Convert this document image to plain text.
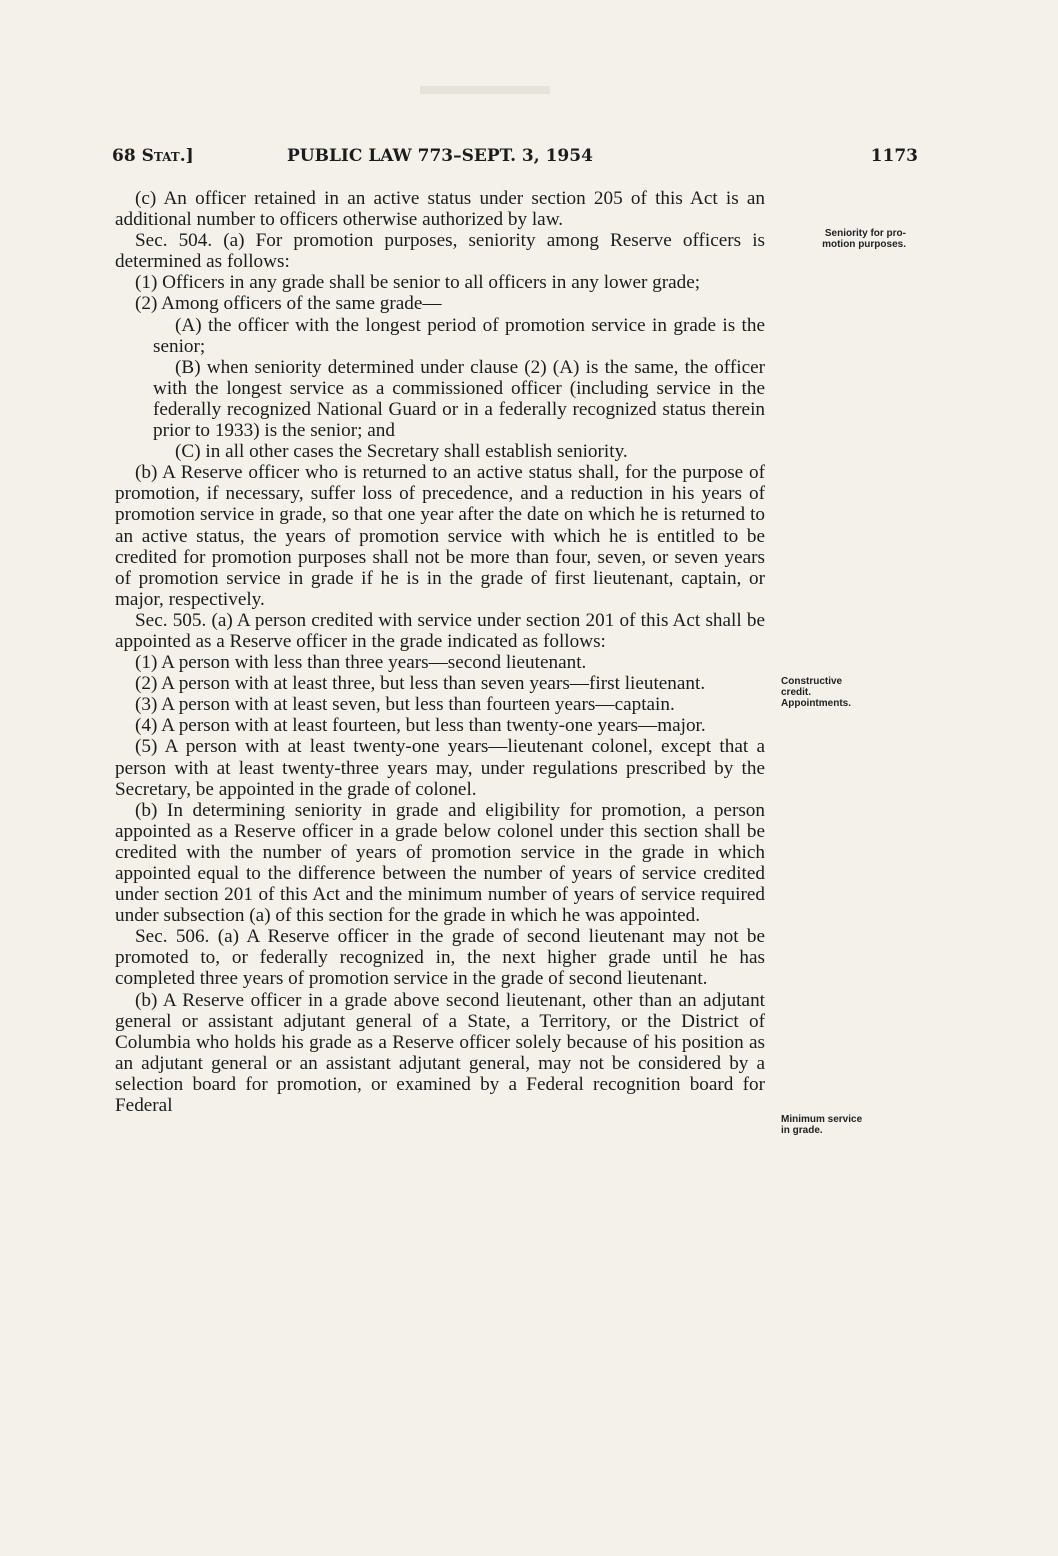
68 Stat.]	PUBLIC LAW 773–SEPT. 3, 1954	1173

(c) An officer retained in an active status under section 205 of this Act is an additional number to officers otherwise authorized by law.

Sec. 504. (a) For promotion purposes, seniority among Reserve officers is determined as follows:

(1) Officers in any grade shall be senior to all officers in any lower grade;

(2) Among officers of the same grade—

(A) the officer with the longest period of promotion service in grade is the senior;

(B) when seniority determined under clause (2) (A) is the same, the officer with the longest service as a commissioned officer (including service in the federally recognized National Guard or in a federally recognized status therein prior to 1933) is the senior; and

(C) in all other cases the Secretary shall establish seniority.

(b) A Reserve officer who is returned to an active status shall, for the purpose of promotion, if necessary, suffer loss of precedence, and a reduction in his years of promotion service in grade, so that one year after the date on which he is returned to an active status, the years of promotion service with which he is entitled to be credited for promotion purposes shall not be more than four, seven, or seven years of promotion service in grade if he is in the grade of first lieutenant, captain, or major, respectively.

Sec. 505. (a) A person credited with service under section 201 of this Act shall be appointed as a Reserve officer in the grade indicated as follows:

(1) A person with less than three years—second lieutenant.

(2) A person with at least three, but less than seven years—first lieutenant.

(3) A person with at least seven, but less than fourteen years—captain.

(4) A person with at least fourteen, but less than twenty-one years—major.

(5) A person with at least twenty-one years—lieutenant colonel, except that a person with at least twenty-three years may, under regulations prescribed by the Secretary, be appointed in the grade of colonel.

(b) In determining seniority in grade and eligibility for promotion, a person appointed as a Reserve officer in a grade below colonel under this section shall be credited with the number of years of promotion service in the grade in which appointed equal to the difference between the number of years of service credited under section 201 of this Act and the minimum number of years of service required under subsection (a) of this section for the grade in which he was appointed.

Sec. 506. (a) A Reserve officer in the grade of second lieutenant may not be promoted to, or federally recognized in, the next higher grade until he has completed three years of promotion service in the grade of second lieutenant.

(b) A Reserve officer in a grade above second lieutenant, other than an adjutant general or assistant adjutant general of a State, a Territory, or the District of Columbia who holds his grade as a Reserve officer solely because of his position as an adjutant general or an assistant adjutant general, may not be considered by a selection board for promotion, or examined by a Federal recognition board for Federal

Seniority for pro-
motion purposes.
Constructive
credit.
Appointments.
Minimum service
in grade.
